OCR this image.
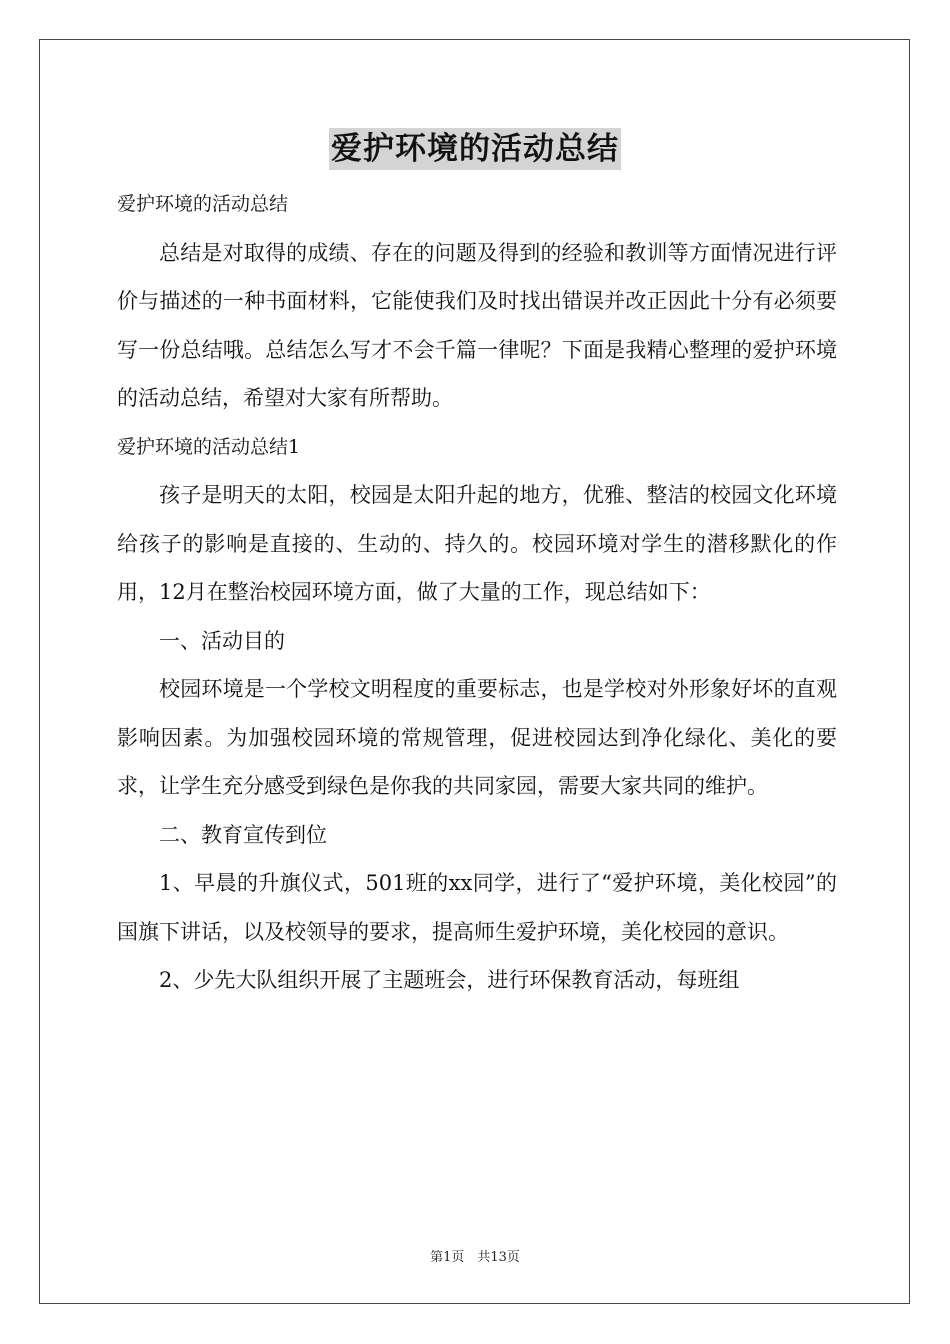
爱护环境的活动总结

爱护环境的活动总结

总结是对取得的成绩、存在的问题及得到的经验和教训等方面情况进行评价与描述的一种书面材料，它能使我们及时找出错误并改正因此十分有必须要写一份总结哦。总结怎么写才不会千篇一律呢？下面是我精心整理的爱护环境的活动总结，希望对大家有所帮助。

爱护环境的活动总结1

孩子是明天的太阳，校园是太阳升起的地方，优雅、整洁的校园文化环境给孩子的影响是直接的、生动的、持久的。校园环境对学生的潜移默化的作用，12月在整治校园环境方面，做了大量的工作，现总结如下：

一、活动目的

校园环境是一个学校文明程度的重要标志，也是学校对外形象好坏的直观影响因素。为加强校园环境的常规管理，促进校园达到净化绿化、美化的要求，让学生充分感受到绿色是你我的共同家园，需要大家共同的维护。

二、教育宣传到位

1、早晨的升旗仪式，501班的xx同学，进行了“爱护环境，美化校园”的国旗下讲话，以及校领导的要求，提高师生爱护环境，美化校园的意识。

2、少先大队组织开展了主题班会，进行环保教育活动，每班组

第1页　共13页
